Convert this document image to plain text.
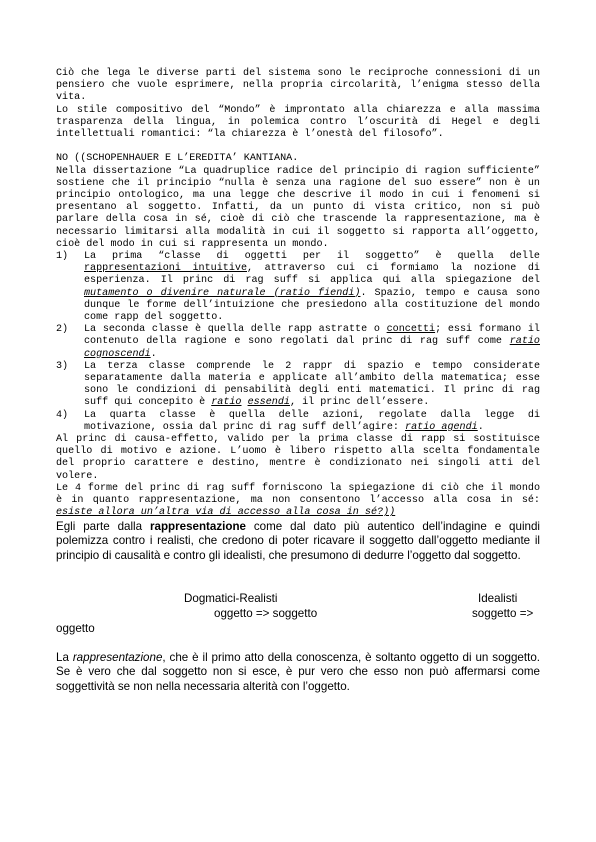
Ciò che lega le diverse parti del sistema sono le reciproche connessioni di un pensiero che vuole esprimere, nella propria circolarità, l’enigma stesso della vita.

Lo stile compositivo del “Mondo” è improntato alla chiarezza e alla massima trasparenza della lingua, in polemica contro l’oscurità di Hegel e degli intellettuali romantici: “la chiarezza è l’onestà del filosofo”.

NO ((SCHOPENHAUER E L’EREDITA’ KANTIANA.

Nella dissertazione “La quadruplice radice del principio di ragion sufficiente” sostiene che il principio “nulla è senza una ragione del suo essere” non è un principio ontologico, ma una legge che descrive il modo in cui i fenomeni si presentano al soggetto. Infatti, da un punto di vista critico, non si può parlare della cosa in sé, cioè di ciò che trascende la rappresentazione, ma è necessario limitarsi alla modalità in cui il soggetto si rapporta all’oggetto, cioè del modo in cui si rappresenta un mondo.

1) La prima “classe di oggetti per il soggetto” è quella delle rappresentazioni intuitive, attraverso cui ci formiamo la nozione di esperienza. Il princ di rag suff si applica qui alla spiegazione del mutamento o divenire naturale (ratio fiendi). Spazio, tempo e causa sono dunque le forme dell’intuizione che presiedono alla costituzione del mondo come rapp del soggetto.
2) La seconda classe è quella delle rapp astratte o concetti; essi formano il contenuto della ragione e sono regolati dal princ di rag suff come ratio cognoscendi.
3) La terza classe comprende le 2 rappr di spazio e tempo considerate separatamente dalla materia e applicate all’ambito della matematica; esse sono le condizioni di pensabilità degli enti matematici. Il princ di rag suff qui concepito è ratio essendi, il princ dell’essere.
4) La quarta classe è quella delle azioni, regolate dalla legge di motivazione, ossia dal princ di rag suff dell’agire: ratio agendi.

Al princ di causa-effetto, valido per la prima classe di rapp si sostituisce quello di motivo e azione. L’uomo è libero rispetto alla scelta fondamentale del proprio carattere e destino, mentre è condizionato nei singoli atti del volere.

Le 4 forme del princ di rag suff forniscono la spiegazione di ciò che il mondo è in quanto rappresentazione, ma non consentono l’accesso alla cosa in sé: esiste allora un’altra via di accesso alla cosa in sé?))

Egli parte dalla rappresentazione come dal dato più autentico dell’indagine e quindi polemizza contro i realisti, che credono di poter ricavare il soggetto dall’oggetto mediante il principio di causalità e contro gli idealisti, che presumono di dedurre l’oggetto dal soggetto.

Dogmatici-Realisti	Idealisti
oggetto => soggetto	soggetto =>
oggetto

La rappresentazione, che è il primo atto della conoscenza, è soltanto oggetto di un soggetto. Se è vero che dal soggetto non si esce, è pur vero che esso non può affermarsi come soggettività se non nella necessaria alterità con l’oggetto.
